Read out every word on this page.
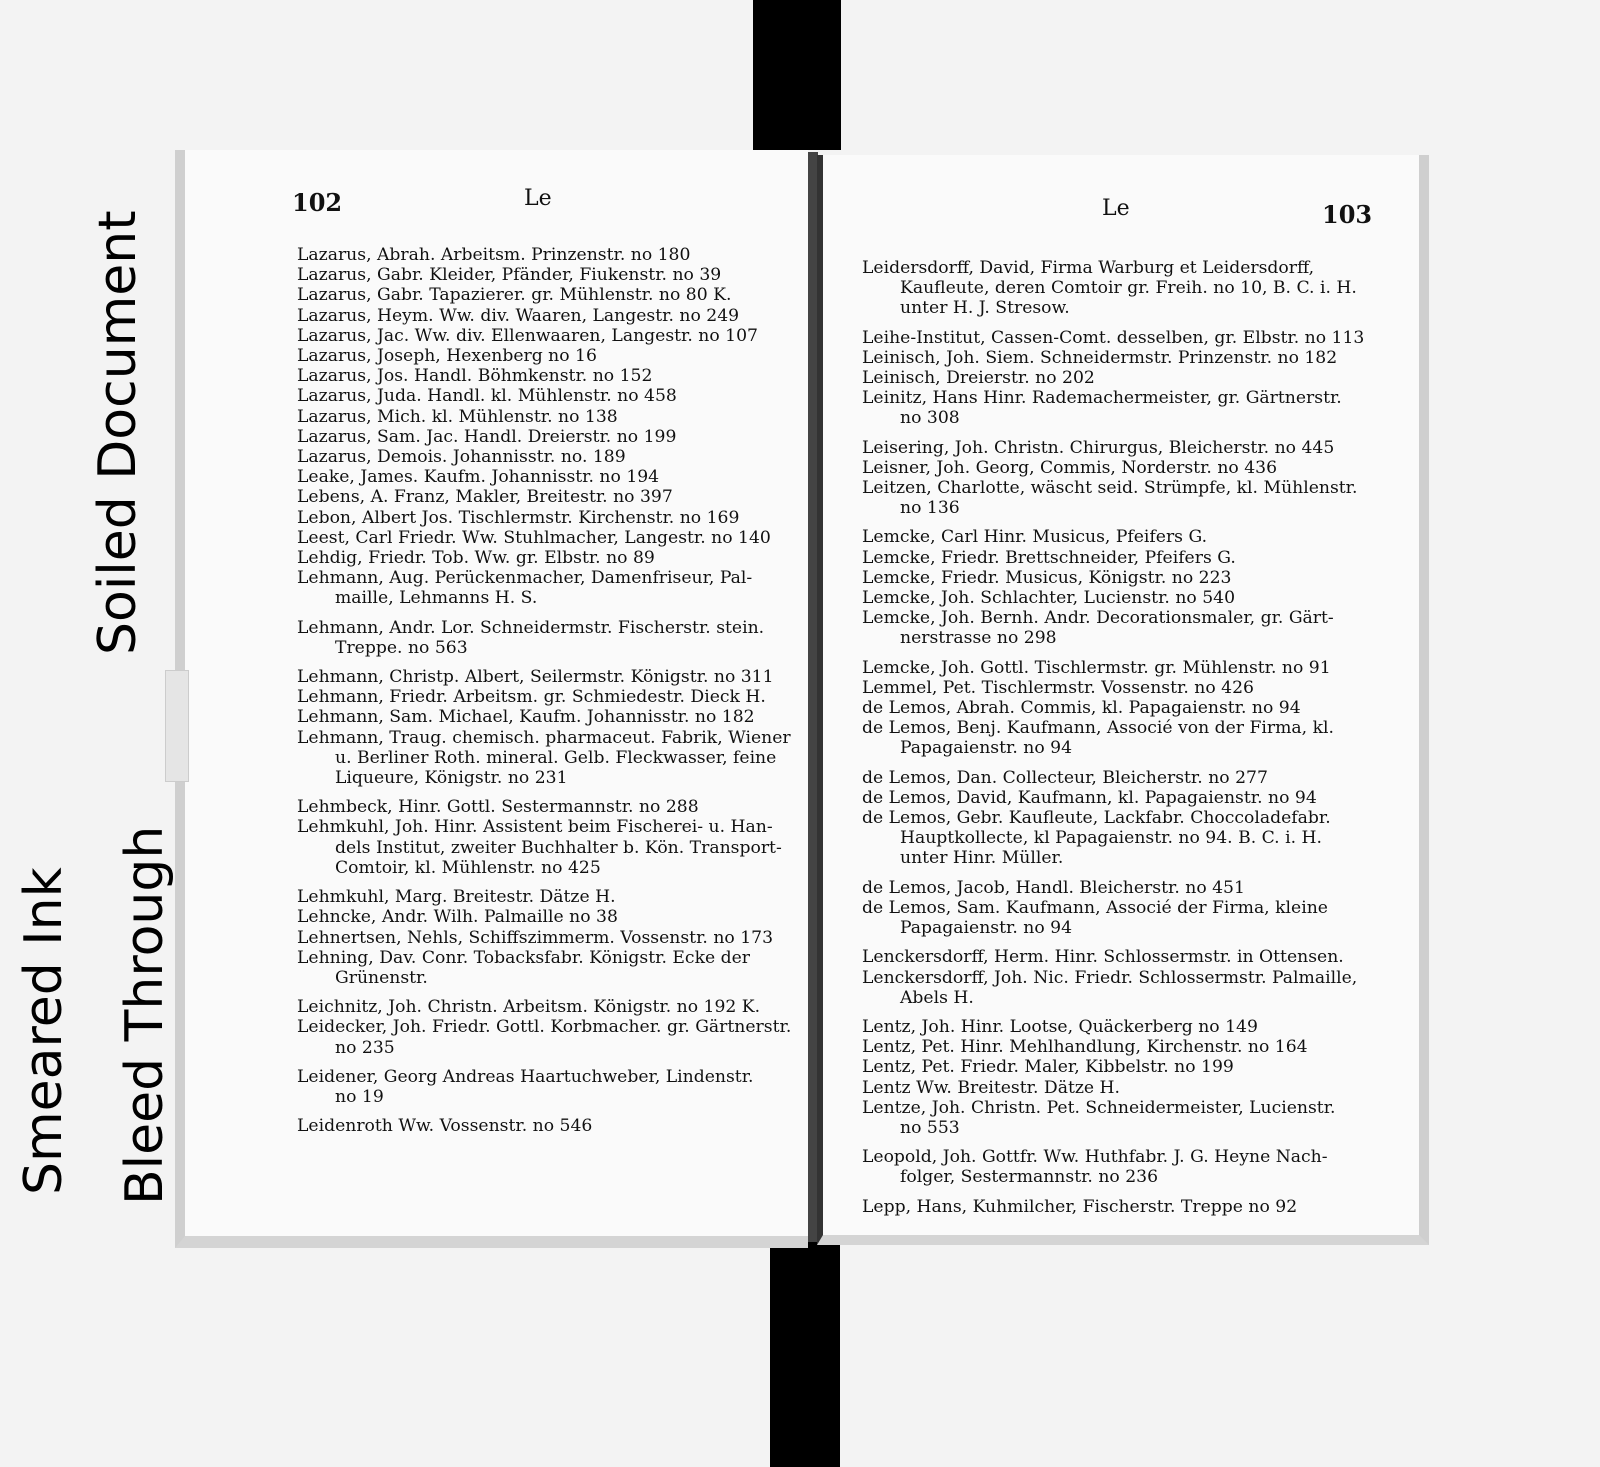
Soiled Document
Smeared Ink Bleed Through
102	Le	Le	103
Lazarus, Abrah. Arbeitsm. Prinzenstr. no 180
Lazarus, Gabr. Kleider, Pfänder, Fiukenstr. no 39
Lazarus, Gabr. Tapazierer. gr. Mühlenstr. no 80 K.
Lazarus, Heym. Ww. div. Waaren, Langestr. no 249
Lazarus, Jac. Ww. div. Ellenwaaren, Langestr. no 107
Lazarus, Joseph, Hexenberg no 16
Lazarus, Jos. Handl. Böhmkenstr. no 152
Lazarus, Juda. Handl. kl. Mühlenstr. no 458
Lazarus, Mich. kl. Mühlenstr. no 138
Lazarus, Sam. Jac. Handl. Dreierstr. no 199
Lazarus, Demois. Johannisstr. no. 189
Leake, James. Kaufm. Johannisstr. no 194
Lebens, A. Franz, Makler, Breitestr. no 397
Lebon, Albert Jos. Tischlermstr. Kirchenstr. no 169
Leest, Carl Friedr. Ww. Stuhlmacher, Langestr. no 140
Lehdig, Friedr. Tob. Ww. gr. Elbstr. no 89
Lehmann, Aug. Perückenmacher, Damenfriseur, Pal-
maille, Lehmanns H. S.
Lehmann, Andr. Lor. Schneidermstr. Fischerstr. stein.
Treppe. no 563
Lehmann, Christp. Albert, Seilermstr. Königstr. no 311
Lehmann, Friedr. Arbeitsm. gr. Schmiedestr. Dieck H.
Lehmann, Sam. Michael, Kaufm. Johannisstr. no 182
Lehmann, Traug. chemisch. pharmaceut. Fabrik, Wiener
u. Berliner Roth. mineral. Gelb. Fleckwasser, feine
Liqueure, Königstr. no 231
Lehmbeck, Hinr. Gottl. Sestermannstr. no 288
Lehmkuhl, Joh. Hinr. Assistent beim Fischerei- u. Han-
dels Institut, zweiter Buchhalter b. Kön. Transport-
Comtoir, kl. Mühlenstr. no 425
Lehmkuhl, Marg. Breitestr. Dätze H.
Lehncke, Andr. Wilh. Palmaille no 38
Lehnertsen, Nehls, Schiffszimmerm. Vossenstr. no 173
Lehning, Dav. Conr. Tobacksfabr. Königstr. Ecke der
Grünenstr.
Leichnitz, Joh. Christn. Arbeitsm. Königstr. no 192 K.
Leidecker, Joh. Friedr. Gottl. Korbmacher. gr. Gärtnerstr.
no 235
Leidener, Georg Andreas Haartuchweber, Lindenstr.
no 19
Leidenroth Ww. Vossenstr. no 546
Leidersdorff, David, Firma Warburg et Leidersdorff,
Kaufleute, deren Comtoir gr. Freih. no 10, B. C. i. H.
unter H. J. Stresow.
Leihe-Institut, Cassen-Comt. desselben, gr. Elbstr. no 113
Leinisch, Joh. Siem. Schneidermstr. Prinzenstr. no 182
Leinisch, Dreierstr. no 202
Leinitz, Hans Hinr. Rademachermeister, gr. Gärtnerstr.
no 308
Leisering, Joh. Christn. Chirurgus, Bleicherstr. no 445
Leisner, Joh. Georg, Commis, Norderstr. no 436
Leitzen, Charlotte, wäscht seid. Strümpfe, kl. Mühlenstr.
no 136
Lemcke, Carl Hinr. Musicus, Pfeifers G.
Lemcke, Friedr. Brettschneider, Pfeifers G.
Lemcke, Friedr. Musicus, Königstr. no 223
Lemcke, Joh. Schlachter, Lucienstr. no 540
Lemcke, Joh. Bernh. Andr. Decorationsmaler, gr. Gärt-
nerstrasse no 298
Lemcke, Joh. Gottl. Tischlermstr. gr. Mühlenstr. no 91
Lemmel, Pet. Tischlermstr. Vossenstr. no 426
de Lemos, Abrah. Commis, kl. Papagaienstr. no 94
de Lemos, Benj. Kaufmann, Associé von der Firma, kl.
Papagaienstr. no 94
de Lemos, Dan. Collecteur, Bleicherstr. no 277
de Lemos, David, Kaufmann, kl. Papagaienstr. no 94
de Lemos, Gebr. Kaufleute, Lackfabr. Choccoladefabr.
Hauptkollecte, kl Papagaienstr. no 94. B. C. i. H.
unter Hinr. Müller.
de Lemos, Jacob, Handl. Bleicherstr. no 451
de Lemos, Sam. Kaufmann, Associé der Firma, kleine
Papagaienstr. no 94
Lenckersdorff, Herm. Hinr. Schlossermstr. in Ottensen.
Lenckersdorff, Joh. Nic. Friedr. Schlossermstr. Palmaille,
Abels H.
Lentz, Joh. Hinr. Lootse, Quäckerberg no 149
Lentz, Pet. Hinr. Mehlhandlung, Kirchenstr. no 164
Lentz, Pet. Friedr. Maler, Kibbelstr. no 199
Lentz Ww. Breitestr. Dätze H.
Lentze, Joh. Christn. Pet. Schneidermeister, Lucienstr.
no 553
Leopold, Joh. Gottfr. Ww. Huthfabr. J. G. Heyne Nach-
folger, Sestermannstr. no 236
Lepp, Hans, Kuhmilcher, Fischerstr. Treppe no 92
